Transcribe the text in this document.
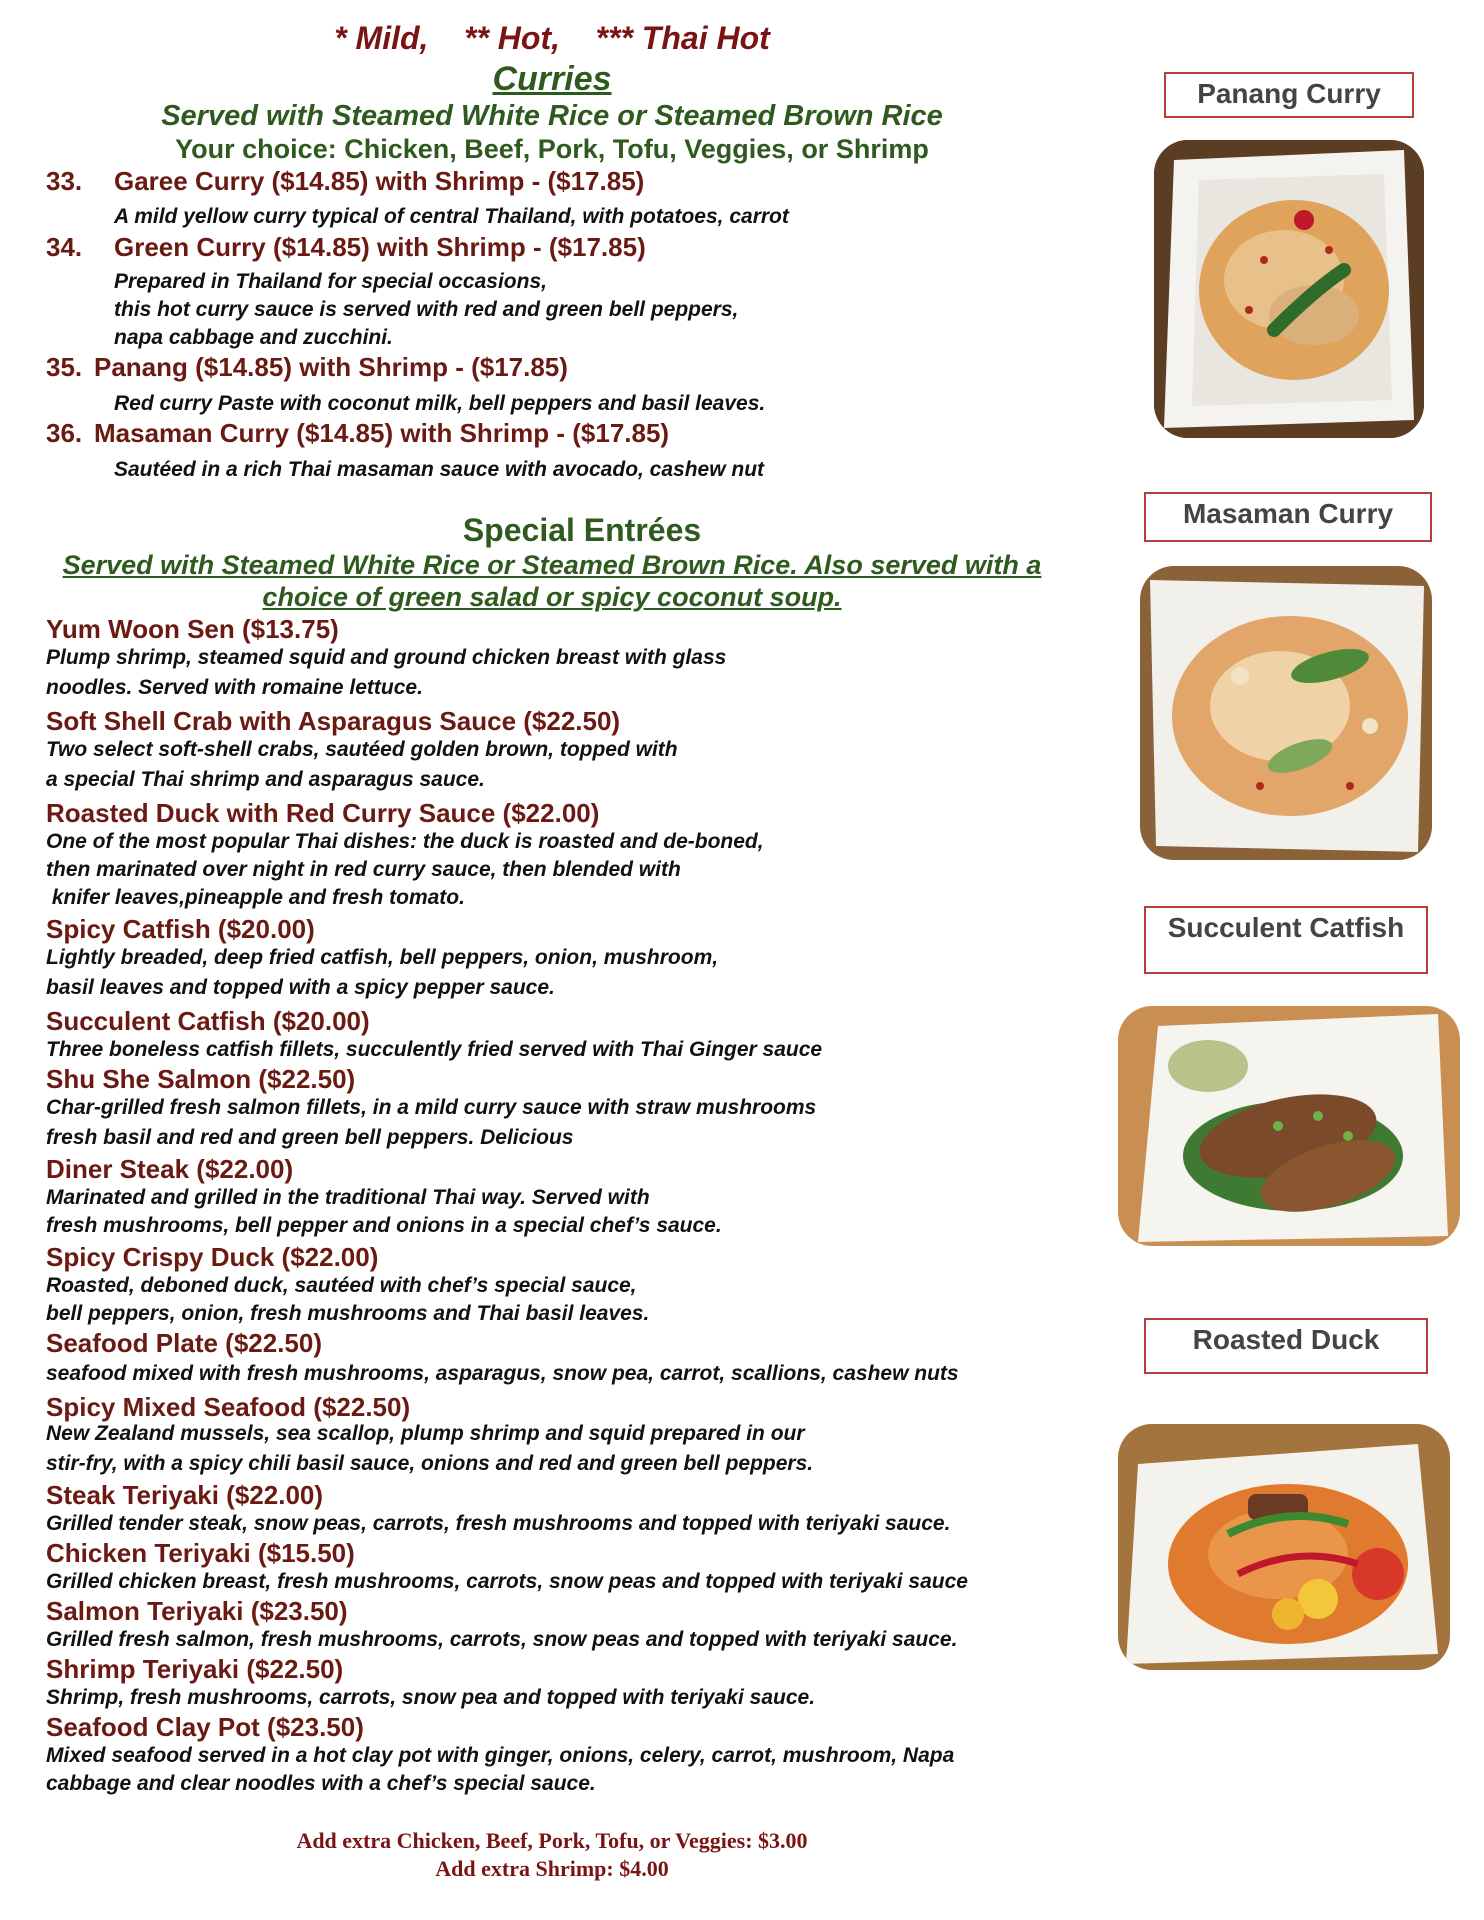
* Mild,    ** Hot,    *** Thai Hot
Curries
Served with Steamed White Rice or Steamed Brown Rice
Your choice: Chicken, Beef, Pork, Tofu, Veggies, or Shrimp
33. Garee Curry ($14.85) with Shrimp - ($17.85)
A mild yellow curry typical of central Thailand, with potatoes, carrot
34. Green Curry ($14.85) with Shrimp - ($17.85)
Prepared in Thailand for special occasions,
this hot curry sauce is served with red and green bell peppers,
napa cabbage and zucchini.
35. Panang ($14.85) with Shrimp - ($17.85)
Red curry Paste with coconut milk, bell peppers and basil leaves.
36. Masaman Curry ($14.85) with Shrimp - ($17.85)
Sautéed in a rich Thai masaman sauce with avocado, cashew nut
Special Entrées
Served with Steamed White Rice or Steamed Brown Rice. Also served with a
choice of green salad or spicy coconut soup.
Yum Woon Sen ($13.75)
Plump shrimp, steamed squid and ground chicken breast with glass
noodles. Served with romaine lettuce.
Soft Shell Crab with Asparagus Sauce ($22.50)
Two select soft-shell crabs, sautéed golden brown, topped with
a special Thai shrimp and asparagus sauce.
Roasted Duck with Red Curry Sauce ($22.00)
One of the most popular Thai dishes: the duck is roasted and de-boned,
then marinated over night in red curry sauce, then blended with
knifer leaves,pineapple and fresh tomato.
Spicy Catfish ($20.00)
Lightly breaded, deep fried catfish, bell peppers, onion, mushroom,
basil leaves and topped with a spicy pepper sauce.
Succulent Catfish ($20.00)
Three boneless catfish fillets, succulently fried served with Thai Ginger sauce
Shu She Salmon ($22.50)
Char-grilled fresh salmon fillets, in a mild curry sauce with straw mushrooms
fresh basil and red and green bell peppers. Delicious
Diner Steak ($22.00)
Marinated and grilled in the traditional Thai way. Served with
fresh mushrooms, bell pepper and onions in a special chef’s sauce.
Spicy Crispy Duck ($22.00)
Roasted, deboned duck, sautéed with chef’s special sauce,
bell peppers, onion, fresh mushrooms and Thai basil leaves.
Seafood Plate ($22.50)
seafood mixed with fresh mushrooms, asparagus, snow pea, carrot, scallions, cashew nuts
Spicy Mixed Seafood ($22.50)
New Zealand mussels, sea scallop, plump shrimp and squid prepared in our
stir-fry, with a spicy chili basil sauce, onions and red and green bell peppers.
Steak Teriyaki ($22.00)
Grilled tender steak, snow peas, carrots, fresh mushrooms and topped with teriyaki sauce.
Chicken Teriyaki ($15.50)
Grilled chicken breast, fresh mushrooms, carrots, snow peas and topped with teriyaki sauce
Salmon Teriyaki ($23.50)
Grilled fresh salmon, fresh mushrooms, carrots, snow peas and topped with teriyaki sauce.
Shrimp Teriyaki ($22.50)
Shrimp, fresh mushrooms, carrots, snow pea and topped with teriyaki sauce.
Seafood Clay Pot ($23.50)
Mixed seafood served in a hot clay pot with ginger, onions, celery, carrot, mushroom, Napa
cabbage and clear noodles with a chef’s special sauce.
Add extra Chicken, Beef, Pork, Tofu, or Veggies: $3.00
Add extra Shrimp: $4.00
Panang Curry
Masaman Curry
Succulent Catfish
Roasted Duck
